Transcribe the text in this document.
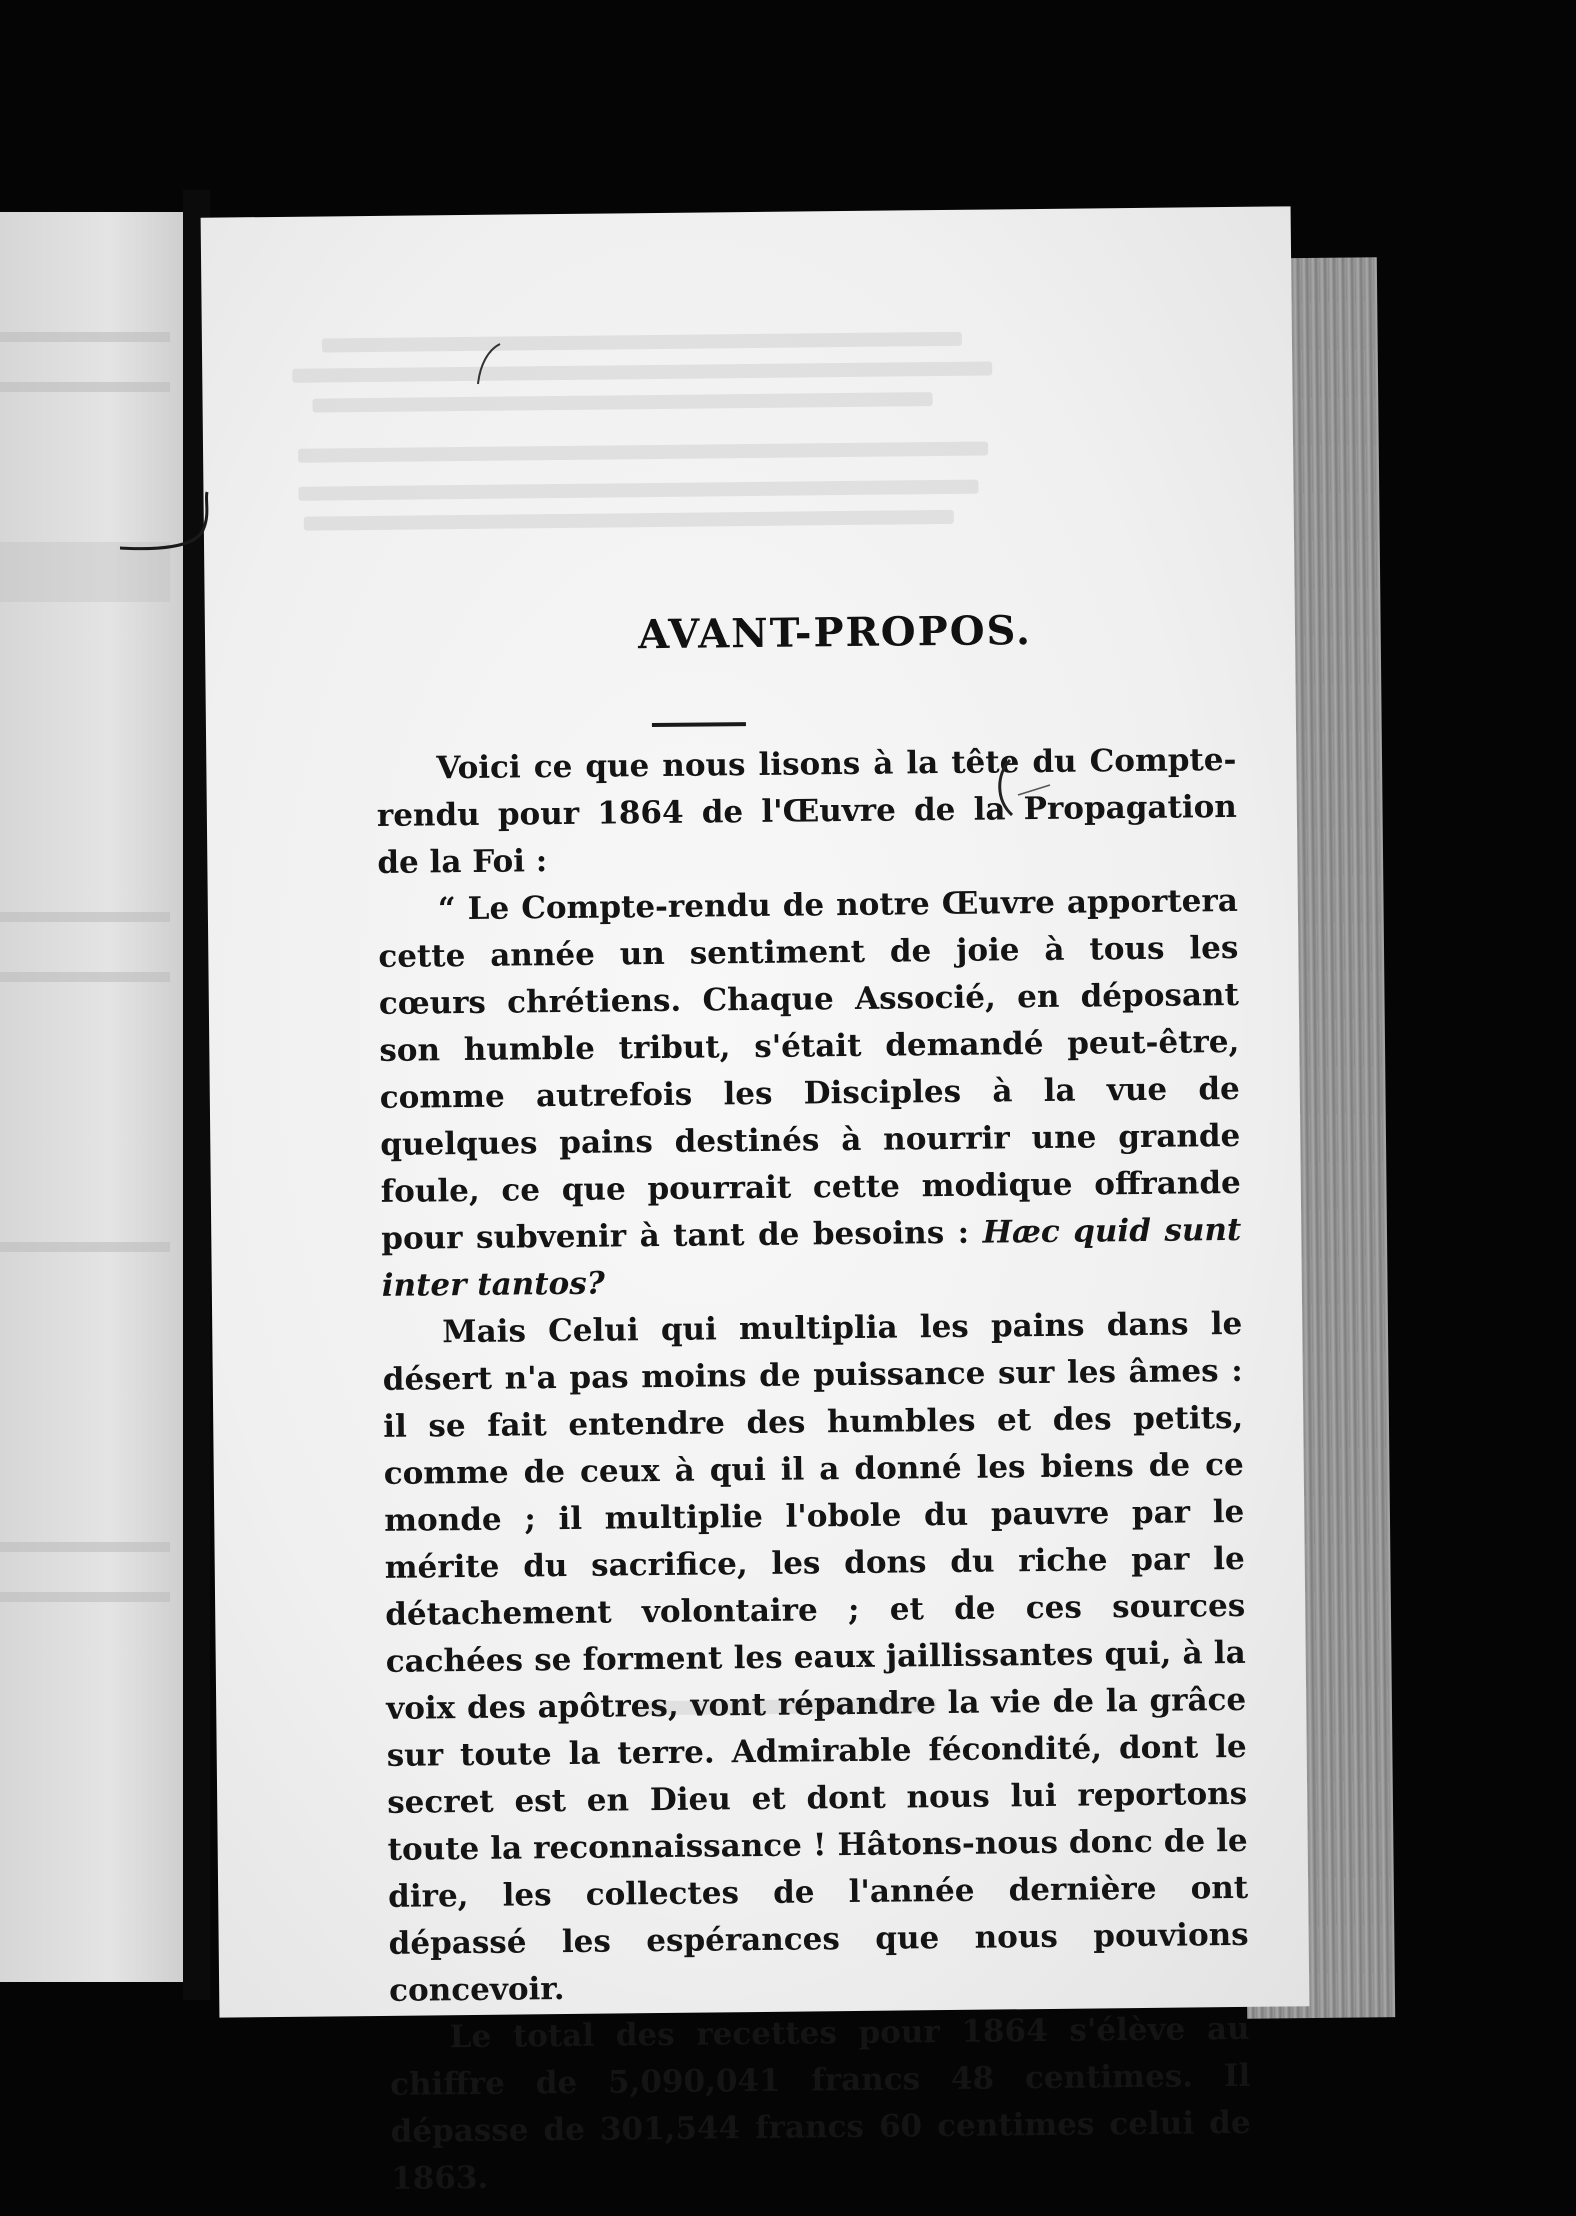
AVANT-PROPOS.

Voici ce que nous lisons à la tête du Compte-rendu pour 1864 de l'Œuvre de la Propagation de la Foi :

“ Le Compte-rendu de notre Œuvre apportera cette année un sentiment de joie à tous les cœurs chrétiens. Chaque Associé, en déposant son humble tribut, s'était demandé peut-être, comme autrefois les Disciples à la vue de quelques pains destinés à nourrir une grande foule, ce que pourrait cette modique offrande pour subvenir à tant de besoins : Hæc quid sunt inter tantos?

Mais Celui qui multiplia les pains dans le désert n'a pas moins de puissance sur les âmes : il se fait entendre des humbles et des petits, comme de ceux à qui il a donné les biens de ce monde ; il multiplie l'obole du pauvre par le mérite du sacrifice, les dons du riche par le détachement volontaire ; et de ces sources cachées se forment les eaux jaillissantes qui, à la voix des apôtres, vont répandre la vie de la grâce sur toute la terre. Admirable fécondité, dont le secret est en Dieu et dont nous lui reportons toute la reconnaissance ! Hâtons-nous donc de le dire, les collectes de l'année dernière ont dépassé les espérances que nous pouvions concevoir.

Le total des recettes pour 1864 s'élève au chiffre de 5,090,041 francs 48 centimes. Il dépasse de 301,544 francs 60 centimes celui de 1863.
